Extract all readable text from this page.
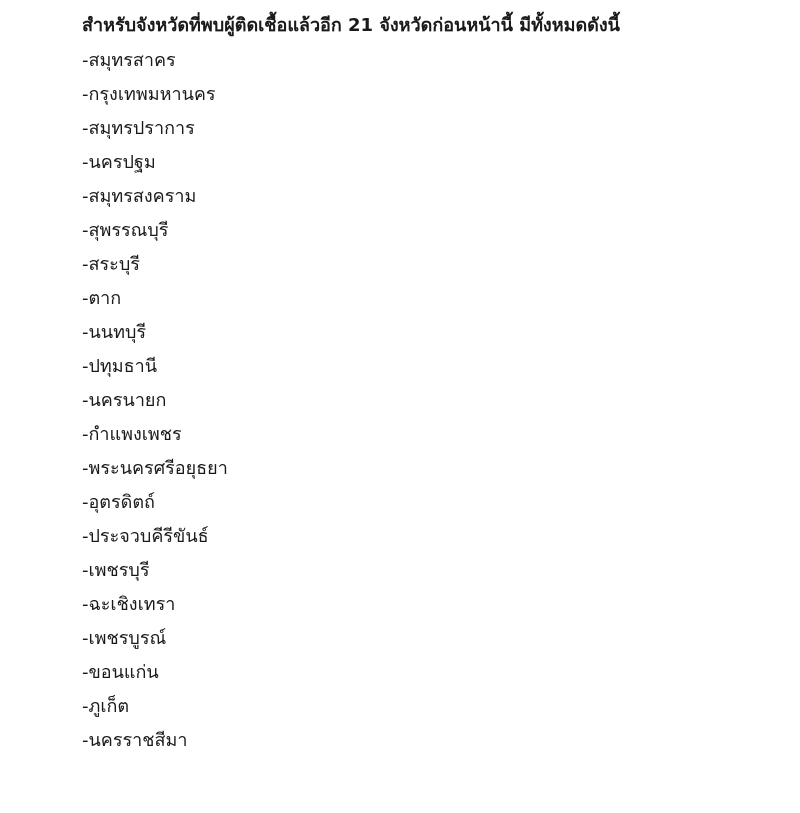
สำหรับจังหวัดที่พบผู้ติดเชื้อแล้วอีก 21 จังหวัดก่อนหน้านี้ มีทั้งหมดดังนี้

-สมุทรสาคร
-กรุงเทพมหานคร
-สมุทรปราการ
-นครปฐม
-สมุทรสงคราม
-สุพรรณบุรี
-สระบุรี
-ตาก
-นนทบุรี
-ปทุมธานี
-นครนายก
-กำแพงเพชร
-พระนครศรีอยุธยา
-อุตรดิตถ์
-ประจวบคีรีขันธ์
-เพชรบุรี
-ฉะเชิงเทรา
-เพชรบูรณ์
-ขอนแก่น
-ภูเก็ต
-นครราชสีมา
